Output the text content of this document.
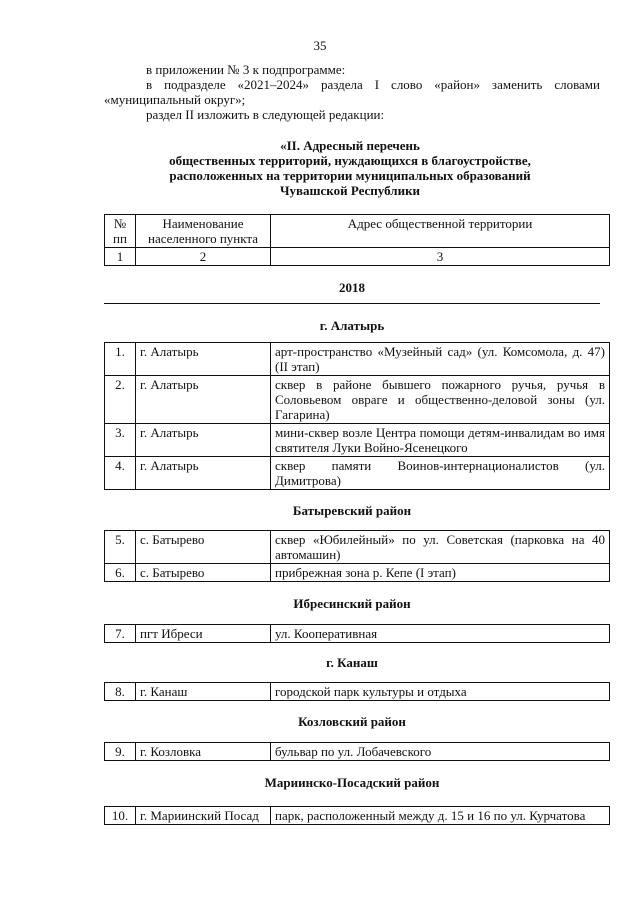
35

в приложении № 3 к подпрограмме:

в подразделе «2021–2024» раздела I слово «район» заменить словами «муниципальный округ»;

раздел II изложить в следующей редакции:

«II. Адресный перечень
общественных территорий, нуждающихся в благоустройстве,
расположенных на территории муниципальных образований
Чувашской Республики
№ пп	Наименование населенного пункта	Адрес общественной территории
1	2	3
2018
г. Алатырь
1.	г. Алатырь	арт-пространство «Музейный сад» (ул. Комсомола, д. 47) (II этап)
2.	г. Алатырь	сквер в районе бывшего пожарного ручья, ручья в Соловьевом овраге и общественно-деловой зоны (ул. Гагарина)
3.	г. Алатырь	мини-сквер возле Центра помощи детям-инвалидам во имя святителя Луки Войно-Ясенецкого
4.	г. Алатырь	сквер памяти Воинов-интернационалистов (ул. Димитрова)
Батыревский район
5.	с. Батырево	сквер «Юбилейный» по ул. Советская (парковка на 40 автомашин)
6.	с. Батырево	прибрежная зона р. Кепе (I этап)
Ибресинский район
7.	пгт Ибреси	ул. Кооперативная
г. Канаш
8.	г. Канаш	городской парк культуры и отдыха
Козловский район
9.	г. Козловка	бульвар по ул. Лобачевского
Мариинско-Посадский район
10.	г. Мариинский Посад	парк, расположенный между д. 15 и 16 по ул. Курчатова
